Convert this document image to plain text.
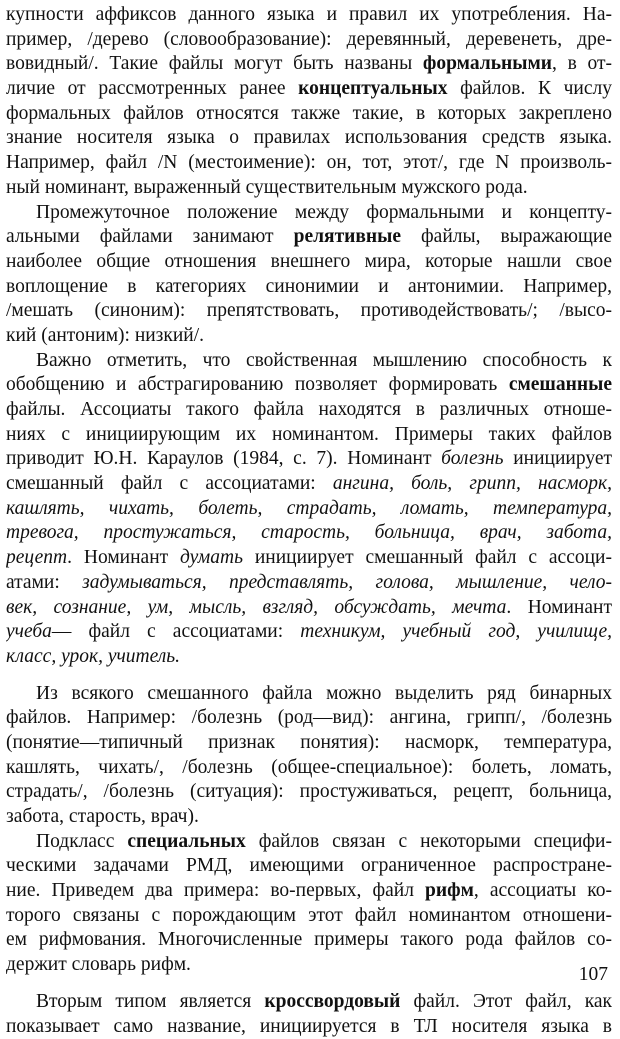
купности аффиксов данного языка и правил их употребления. На-
пример, /дерево (словообразование): деревянный, деревенеть, дре-
вовидный/. Такие файлы могут быть названы формальными, в от-
личие от рассмотренных ранее концептуальных файлов. К числу
формальных файлов относятся также такие, в которых закреплено
знание носителя языка о правилах использования средств языка.
Например, файл /N (местоимение): он, тот, этот/, где N произволь-
ный номинант, выраженный существительным мужского рода.
Промежуточное положение между формальными и концепту-
альными файлами занимают релятивные файлы, выражающие
наиболее общие отношения внешнего мира, которые нашли свое
воплощение в категориях синонимии и антонимии. Например,
/мешать (синоним): препятствовать, противодействовать/; /высо-
кий (антоним): низкий/.
Важно отметить, что свойственная мышлению способность к
обобщению и абстрагированию позволяет формировать смешанные
файлы. Ассоциаты такого файла находятся в различных отноше-
ниях с инициирующим их номинантом. Примеры таких файлов
приводит Ю.Н. Караулов (1984, с. 7). Номинант болезнь инициирует
смешанный файл с ассоциатами: ангина, боль, грипп, насморк,
кашлять, чихать, болеть, страдать, ломать, температура,
тревога, простужаться, старость, больница, врач, забота,
рецепт. Номинант думать инициирует смешанный файл с ассоци-
атами: задумываться, представлять, голова, мышление, чело-
век, сознание, ум, мысль, взгляд, обсуждать, мечта. Номинант
учеба— файл с ассоциатами: техникум, учебный год, училище,
класс, урок, учитель.
Из всякого смешанного файла можно выделить ряд бинарных
файлов. Например: /болезнь (род—вид): ангина, грипп/, /болезнь
(понятие—типичный признак понятия): насморк, температура,
кашлять, чихать/, /болезнь (общее-специальное): болеть, ломать,
страдать/, /болезнь (ситуация): простуживаться, рецепт, больница,
забота, старость, врач).
Подкласс специальных файлов связан с некоторыми специфи-
ческими задачами РМД, имеющими ограниченное распростране-
ние. Приведем два примера: во-первых, файл рифм, ассоциаты ко-
торого связаны с порождающим этот файл номинантом отношени-
ем рифмования. Многочисленные примеры такого рода файлов со-
держит словарь рифм.
Вторым типом является кроссвордовый файл. Этот файл, как
показывает само название, инициируется в ТЛ носителя языка в
107
